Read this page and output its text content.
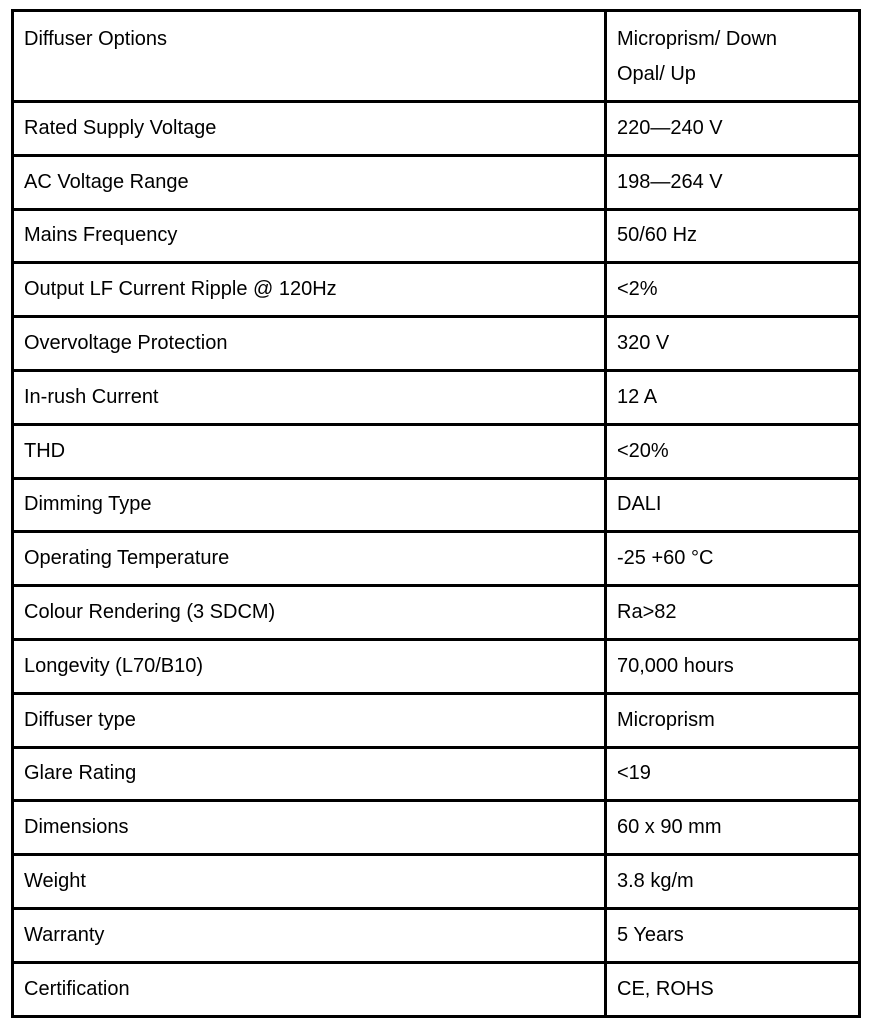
Diffuser Options	Microprism/ Down
Opal/ Up
Rated Supply Voltage	220—240 V
AC Voltage Range	198—264 V
Mains Frequency	50/60 Hz
Output LF Current Ripple @ 120Hz	<2%
Overvoltage Protection	320 V
In-rush Current	12 A
THD	<20%
Dimming Type	DALI
Operating Temperature	-25 +60 °C
Colour Rendering (3 SDCM)	Ra>82
Longevity (L70/B10)	70,000 hours
Diffuser type	Microprism
Glare Rating	<19
Dimensions	60 x 90 mm
Weight	3.8 kg/m
Warranty	5 Years
Certification	CE, ROHS
